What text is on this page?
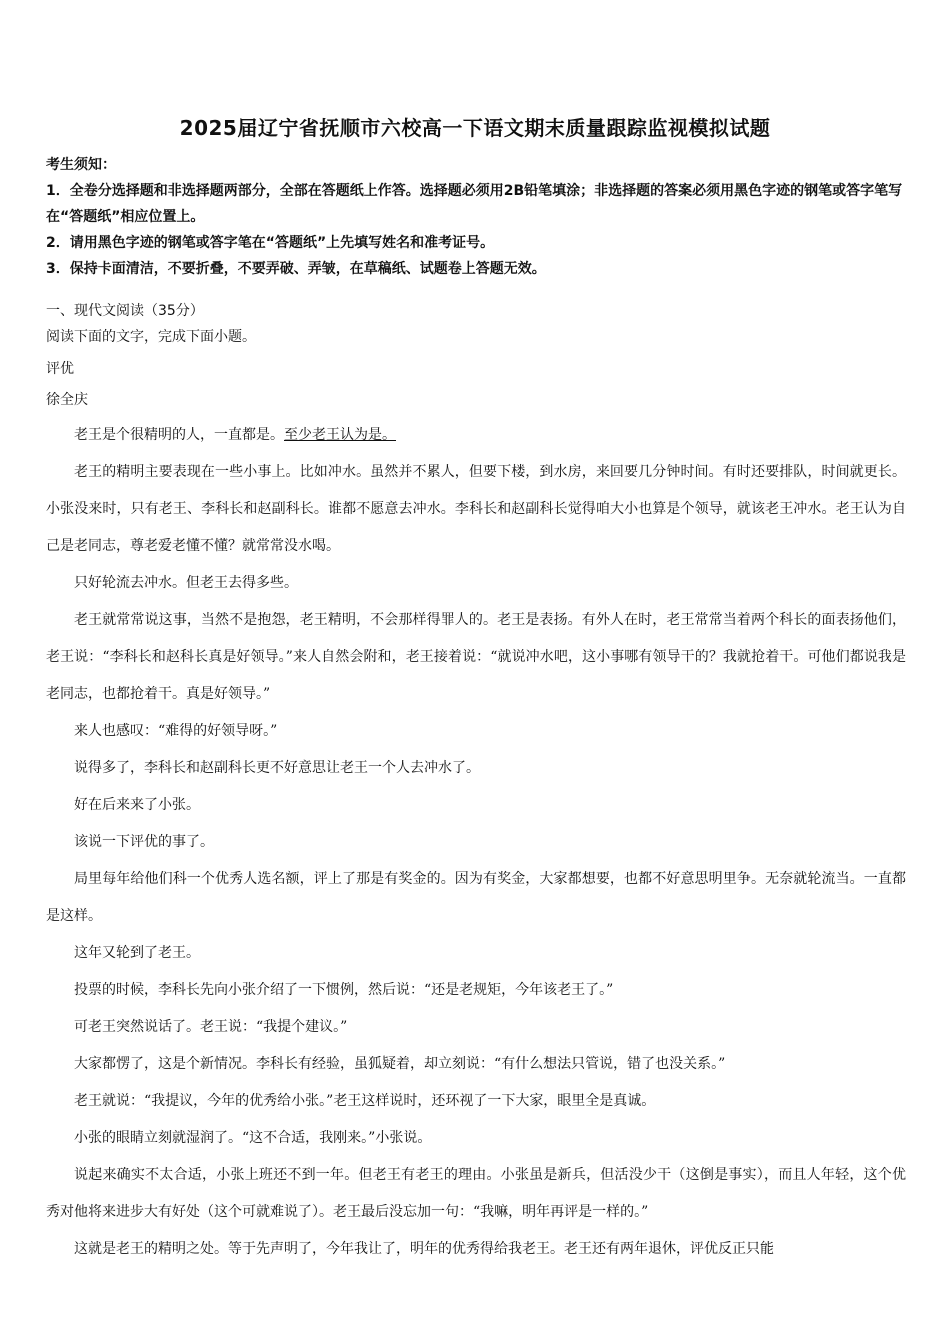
2025届辽宁省抚顺市六校高一下语文期末质量跟踪监视模拟试题

考生须知：

1．全卷分选择题和非选择题两部分，全部在答题纸上作答。选择题必须用2B铅笔填涂；非选择题的答案必须用黑色字迹的钢笔或答字笔写在“答题纸”相应位置上。

2．请用黑色字迹的钢笔或答字笔在“答题纸”上先填写姓名和准考证号。

3．保持卡面清洁，不要折叠，不要弄破、弄皱，在草稿纸、试题卷上答题无效。

一、现代文阅读（35分）

阅读下面的文字，完成下面小题。

评优

徐全庆

老王是个很精明的人，一直都是。至少老王认为是。

老王的精明主要表现在一些小事上。比如冲水。虽然并不累人，但要下楼，到水房，来回要几分钟时间。有时还要排队，时间就更长。小张没来时，只有老王、李科长和赵副科长。谁都不愿意去冲水。李科长和赵副科长觉得咱大小也算是个领导，就该老王冲水。老王认为自己是老同志，尊老爱老懂不懂？就常常没水喝。

只好轮流去冲水。但老王去得多些。

老王就常常说这事，当然不是抱怨，老王精明，不会那样得罪人的。老王是表扬。有外人在时，老王常常当着两个科长的面表扬他们，老王说：“李科长和赵科长真是好领导。”来人自然会附和，老王接着说：“就说冲水吧，这小事哪有领导干的？我就抢着干。可他们都说我是老同志，也都抢着干。真是好领导。”

来人也感叹：“难得的好领导呀。”

说得多了，李科长和赵副科长更不好意思让老王一个人去冲水了。

好在后来来了小张。

该说一下评优的事了。

局里每年给他们科一个优秀人选名额，评上了那是有奖金的。因为有奖金，大家都想要，也都不好意思明里争。无奈就轮流当。一直都是这样。

这年又轮到了老王。

投票的时候，李科长先向小张介绍了一下惯例，然后说：“还是老规矩，今年该老王了。”

可老王突然说话了。老王说：“我提个建议。”

大家都愣了，这是个新情况。李科长有经验，虽狐疑着，却立刻说：“有什么想法只管说，错了也没关系。”

老王就说：“我提议，今年的优秀给小张。”老王这样说时，还环视了一下大家，眼里全是真诚。

小张的眼睛立刻就湿润了。“这不合适，我刚来。”小张说。

说起来确实不太合适，小张上班还不到一年。但老王有老王的理由。小张虽是新兵，但活没少干（这倒是事实），而且人年轻，这个优秀对他将来进步大有好处（这个可就难说了）。老王最后没忘加一句：“我嘛，明年再评是一样的。”

这就是老王的精明之处。等于先声明了，今年我让了，明年的优秀得给我老王。老王还有两年退休，评优反正只能
